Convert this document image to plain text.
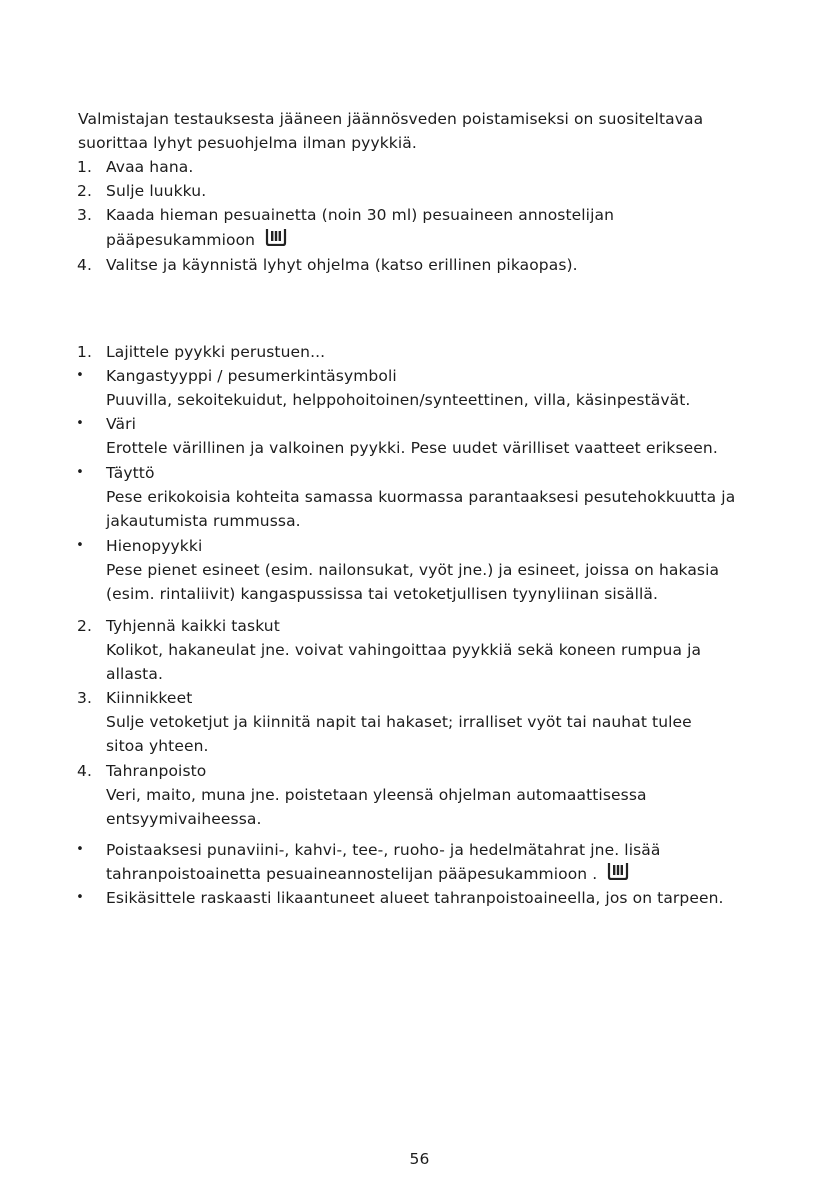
Valmistajan testauksesta jääneen jäännösveden poistamiseksi on suositeltavaa
suorittaa lyhyt pesuohjelma ilman pyykkiä.
1. Avaa hana.
2. Sulje luukku.
3. Kaada hieman pesuainetta (noin 30 ml) pesuaineen annostelijan
pääpesukammioon
4. Valitse ja käynnistä lyhyt ohjelma (katso erillinen pikaopas).
1. Lajittele pyykki perustuen...
•	Kangastyyppi / pesumerkintäsymboli
Puuvilla, sekoitekuidut, helppohoitoinen/synteettinen, villa, käsinpestävät.
•	Väri
Erottele värillinen ja valkoinen pyykki. Pese uudet värilliset vaatteet erikseen.
•	Täyttö
Pese erikokoisia kohteita samassa kuormassa parantaaksesi pesutehokkuutta ja
jakautumista rummussa.
•	Hienopyykki
Pese pienet esineet (esim. nailonsukat, vyöt jne.) ja esineet, joissa on hakasia
(esim. rintaliivit) kangaspussissa tai vetoketjullisen tyynyliinan sisällä.
2. Tyhjennä kaikki taskut
Kolikot, hakaneulat jne. voivat vahingoittaa pyykkiä sekä koneen rumpua ja
allasta.
3. Kiinnikkeet
Sulje vetoketjut ja kiinnitä napit tai hakaset; irralliset vyöt tai nauhat tulee
sitoa yhteen.
4. Tahranpoisto
Veri, maito, muna jne. poistetaan yleensä ohjelman automaattisessa
entsyymivaiheessa.
•	Poistaaksesi punaviini-, kahvi-, tee-, ruoho- ja hedelmätahrat jne. lisää
tahranpoistoainetta pesuaineannostelijan pääpesukammioon .
•	Esikäsittele raskaasti likaantuneet alueet tahranpoistoaineella, jos on tarpeen.
56
